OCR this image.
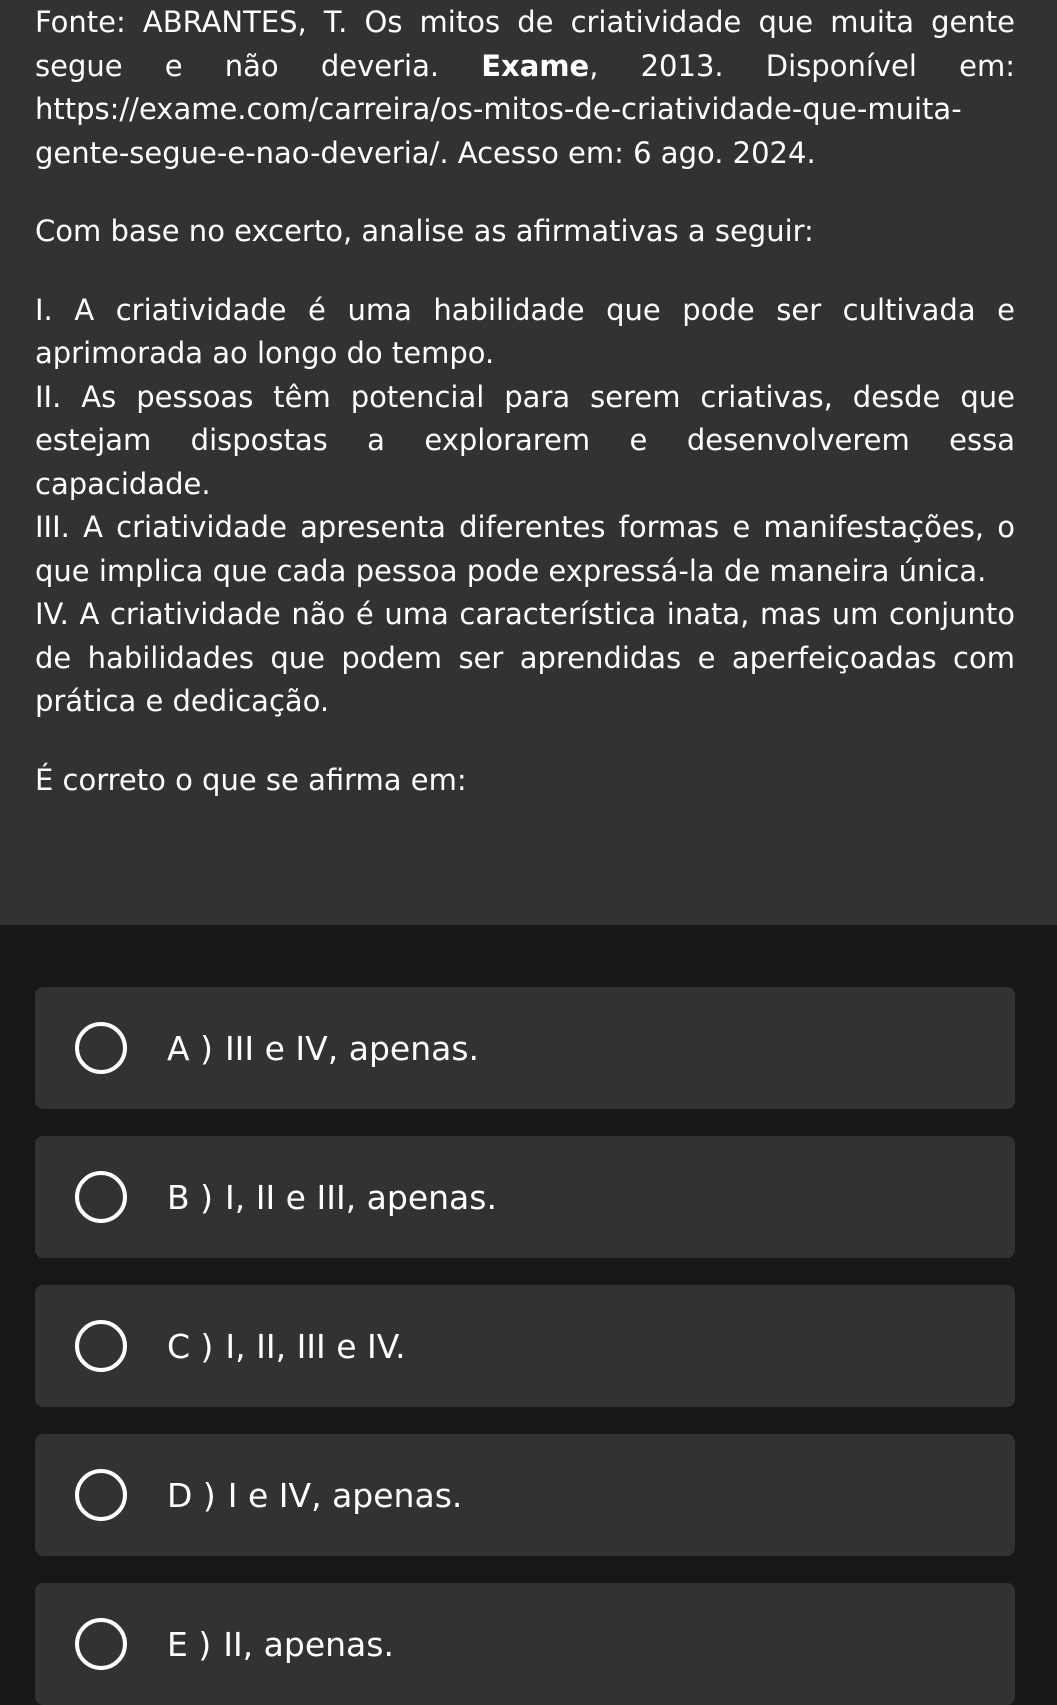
Fonte: ABRANTES, T. Os mitos de criatividade que muita gente segue e não deveria. Exame, 2013. Disponível em: https://exame.com/carreira/os-mitos-de-criatividade-que-muita-gente-segue-e-nao-deveria/. Acesso em: 6 ago. 2024.

Com base no excerto, analise as afirmativas a seguir:

I. A criatividade é uma habilidade que pode ser cultivada e aprimorada ao longo do tempo.

II. As pessoas têm potencial para serem criativas, desde que estejam dispostas a explorarem e desenvolverem essa capacidade.

III. A criatividade apresenta diferentes formas e manifestações, o que implica que cada pessoa pode expressá-la de maneira única.

IV. A criatividade não é uma característica inata, mas um conjunto de habilidades que podem ser aprendidas e aperfeiçoadas com prática e dedicação.

É correto o que se afirma em:

A ) III e IV, apenas.
B ) I, II e III, apenas.
C ) I, II, III e IV.
D ) I e IV, apenas.
E ) II, apenas.
